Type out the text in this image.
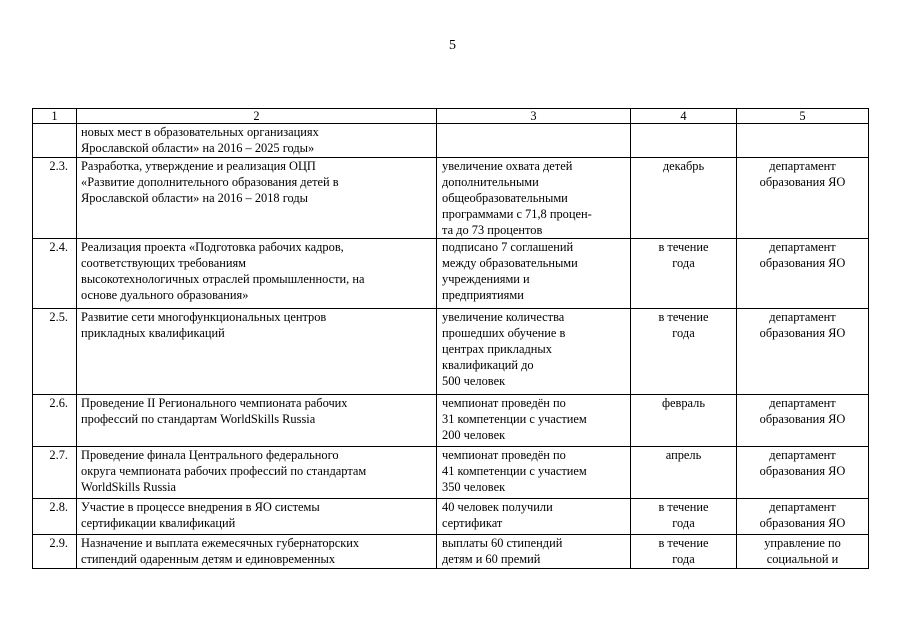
5
1	2	3	4	5

	новых мест в образовательных организациях
Ярославской области» на 2016 – 2025 годы»			

2.3.	Разработка, утверждение и реализация ОЦП
«Развитие дополнительного образования детей в
Ярославской области» на 2016 – 2018 годы	увеличение охвата детей
дополнительными
общеобразовательными
программами с 71,8 процен-
та до 73 процентов	декабрь	департамент
образования ЯО

2.4.	Реализация проекта «Подготовка рабочих кадров,
соответствующих требованиям
высокотехнологичных отраслей промышленности, на
основе дуального образования»	подписано 7 соглашений
между образовательными
учреждениями и
предприятиями	в течение
года	департамент
образования ЯО

2.5.	Развитие сети многофункциональных центров
прикладных квалификаций	увеличение количества
прошедших обучение в
центрах прикладных
квалификаций до
500 человек	в течение
года	департамент
образования ЯО

2.6.	Проведение II Регионального чемпионата рабочих
профессий по стандартам WorldSkills Russia	чемпионат проведён по
31 компетенции с участием
200 человек	февраль	департамент
образования ЯО

2.7.	Проведение финала Центрального федерального
округа чемпионата рабочих профессий по стандартам
WorldSkills Russia	чемпионат проведён по
41 компетенции с участием
350 человек	апрель	департамент
образования ЯО

2.8.	Участие в процессе внедрения в ЯО системы
сертификации квалификаций	40 человек получили
сертификат	в течение
года	департамент
образования ЯО

2.9.	Назначение и выплата ежемесячных губернаторских
стипендий одаренным детям и единовременных	выплаты 60 стипендий
детям и 60 премий	в течение
года	управление по
социальной и
